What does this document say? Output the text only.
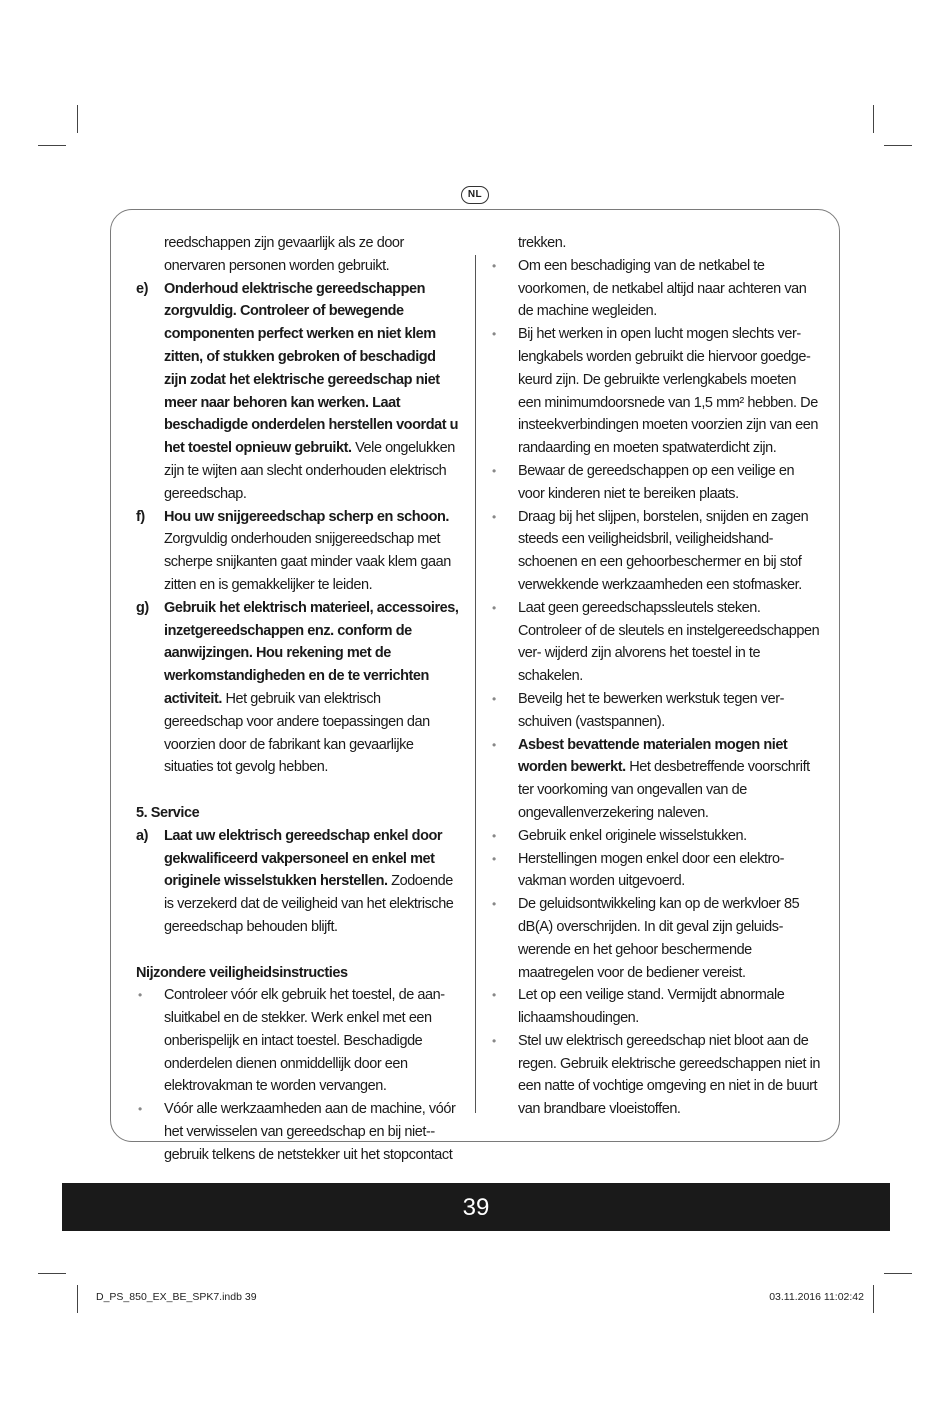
NL
reedschappen zijn gevaarlijk als ze door onervaren personen worden gebruikt.
e) Onderhoud elektrische gereedschappen zorgvuldig. Controleer of bewegende componenten perfect werken en niet klem zitten, of stukken gebroken of beschadigd zijn zodat het elektrische gereedschap niet meer naar behoren kan werken. Laat beschadigde onderdelen herstellen voordat u het toestel opnieuw gebruikt. Vele ongelukken zijn te wijten aan slecht onderhouden elektrisch gereedschap.
f) Hou uw snijgereedschap scherp en schoon. Zorgvuldig onderhouden snijgereedschap met scherpe snijkanten gaat minder vaak klem gaan zitten en is gemakkelijker te leiden.
g) Gebruik het elektrisch materieel, accessoires, inzetgereedschappen enz. conform de aanwijzingen. Hou rekening met de werkomstandigheden en de te verrichten activiteit. Het gebruik van elektrisch gereedschap voor andere toepassingen dan voorzien door de fabrikant kan gevaarlijke situaties tot gevolg hebben.
5. Service
a) Laat uw elektrisch gereedschap enkel door gekwalificeerd vakpersoneel en enkel met originele wisselstukken herstellen. Zodoende is verzekerd dat de veiligheid van het elektrische gereedschap behouden blijft.
Nijzondere veiligheidsinstructies
• Controleer vóór elk gebruik het toestel, de aan-sluitkabel en de stekker. Werk enkel met een onberispelijk en intact toestel. Beschadigde onderdelen dienen onmiddellijk door een elektrovakman te worden vervangen.
• Vóór alle werkzaamheden aan de machine, vóór het verwisselen van gereedschap en bij niet--gebruik telkens de netstekker uit het stopcontact
trekken.
• Om een beschadiging van de netkabel te voorkomen, de netkabel altijd naar achteren van de machine wegleiden.
• Bij het werken in open lucht mogen slechts ver-lengkabels worden gebruikt die hiervoor goedge-keurd zijn. De gebruikte verlengkabels moeten een minimumdoorsnede van 1,5 mm² hebben. De insteekverbindingen moeten voorzien zijn van een randaarding en moeten spatwaterdicht zijn.
• Bewaar de gereedschappen op een veilige en voor kinderen niet te bereiken plaats.
• Draag bij het slijpen, borstelen, snijden en zagen steeds een veiligheidsbril, veiligheidshand-schoenen en een gehoorbeschermer en bij stof verwekkende werkzaamheden een stofmasker.
• Laat geen gereedschapssleutels steken. Controleer of de sleutels en instelgereedschappen ver- wijderd zijn alvorens het toestel in te schakelen.
• Beveilg het te bewerken werkstuk tegen ver-schuiven (vastspannen).
• Asbest bevattende materialen mogen niet worden bewerkt. Het desbetreffende voorschrift ter voorkoming van ongevallen van de ongevallenverzekering naleven.
• Gebruik enkel originele wisselstukken.
• Herstellingen mogen enkel door een elektro-vakman worden uitgevoerd.
• De geluidsontwikkeling kan op de werkvloer 85 dB(A) overschrijden. In dit geval zijn geluids-werende en het gehoor beschermende maatregelen voor de bediener vereist.
• Let op een veilige stand. Vermijdt abnormale lichaamshoudingen.
• Stel uw elektrisch gereedschap niet bloot aan de regen. Gebruik elektrische gereedschappen niet in een natte of vochtige omgeving en niet in de buurt van brandbare vloeistoffen.
39
D_PS_850_EX_BE_SPK7.indb 39	03.11.2016 11:02:42
